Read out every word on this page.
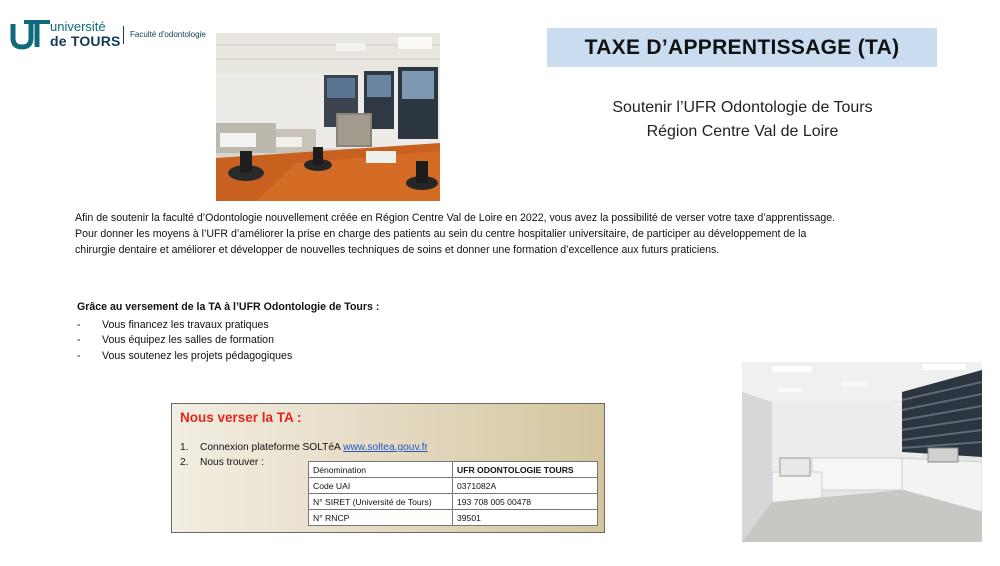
université
de TOURS Faculté d'odontologie
TAXE D’APPRENTISSAGE (TA)
Soutenir l’UFR Odontologie de Tours
Région Centre Val de Loire
Afin de soutenir la faculté d’Odontologie nouvellement créée en Région Centre Val de Loire en 2022, vous avez la possibilité de verser votre taxe d’apprentissage.
Pour donner les moyens à l’UFR d’améliorer la prise en charge des patients au sein du centre hospitalier universitaire, de participer au développement de la
chirurgie dentaire et améliorer et développer de nouvelles techniques de soins et donner une formation d’excellence aux futurs praticiens.
Grâce au versement de la TA à l’UFR Odontologie de Tours :
- Vous financez les travaux pratiques
- Vous équipez les salles de formation
- Vous soutenez les projets pédagogiques
Nous verser la TA :
1. Connexion plateforme SOLTéA www.soltea.gouv.fr
2. Nous trouver :
Dénomination	UFR ODONTOLOGIE TOURS
Code UAI	0371082A
N° SIRET (Université de Tours)	193 708 005 00478
N° RNCP	39501
